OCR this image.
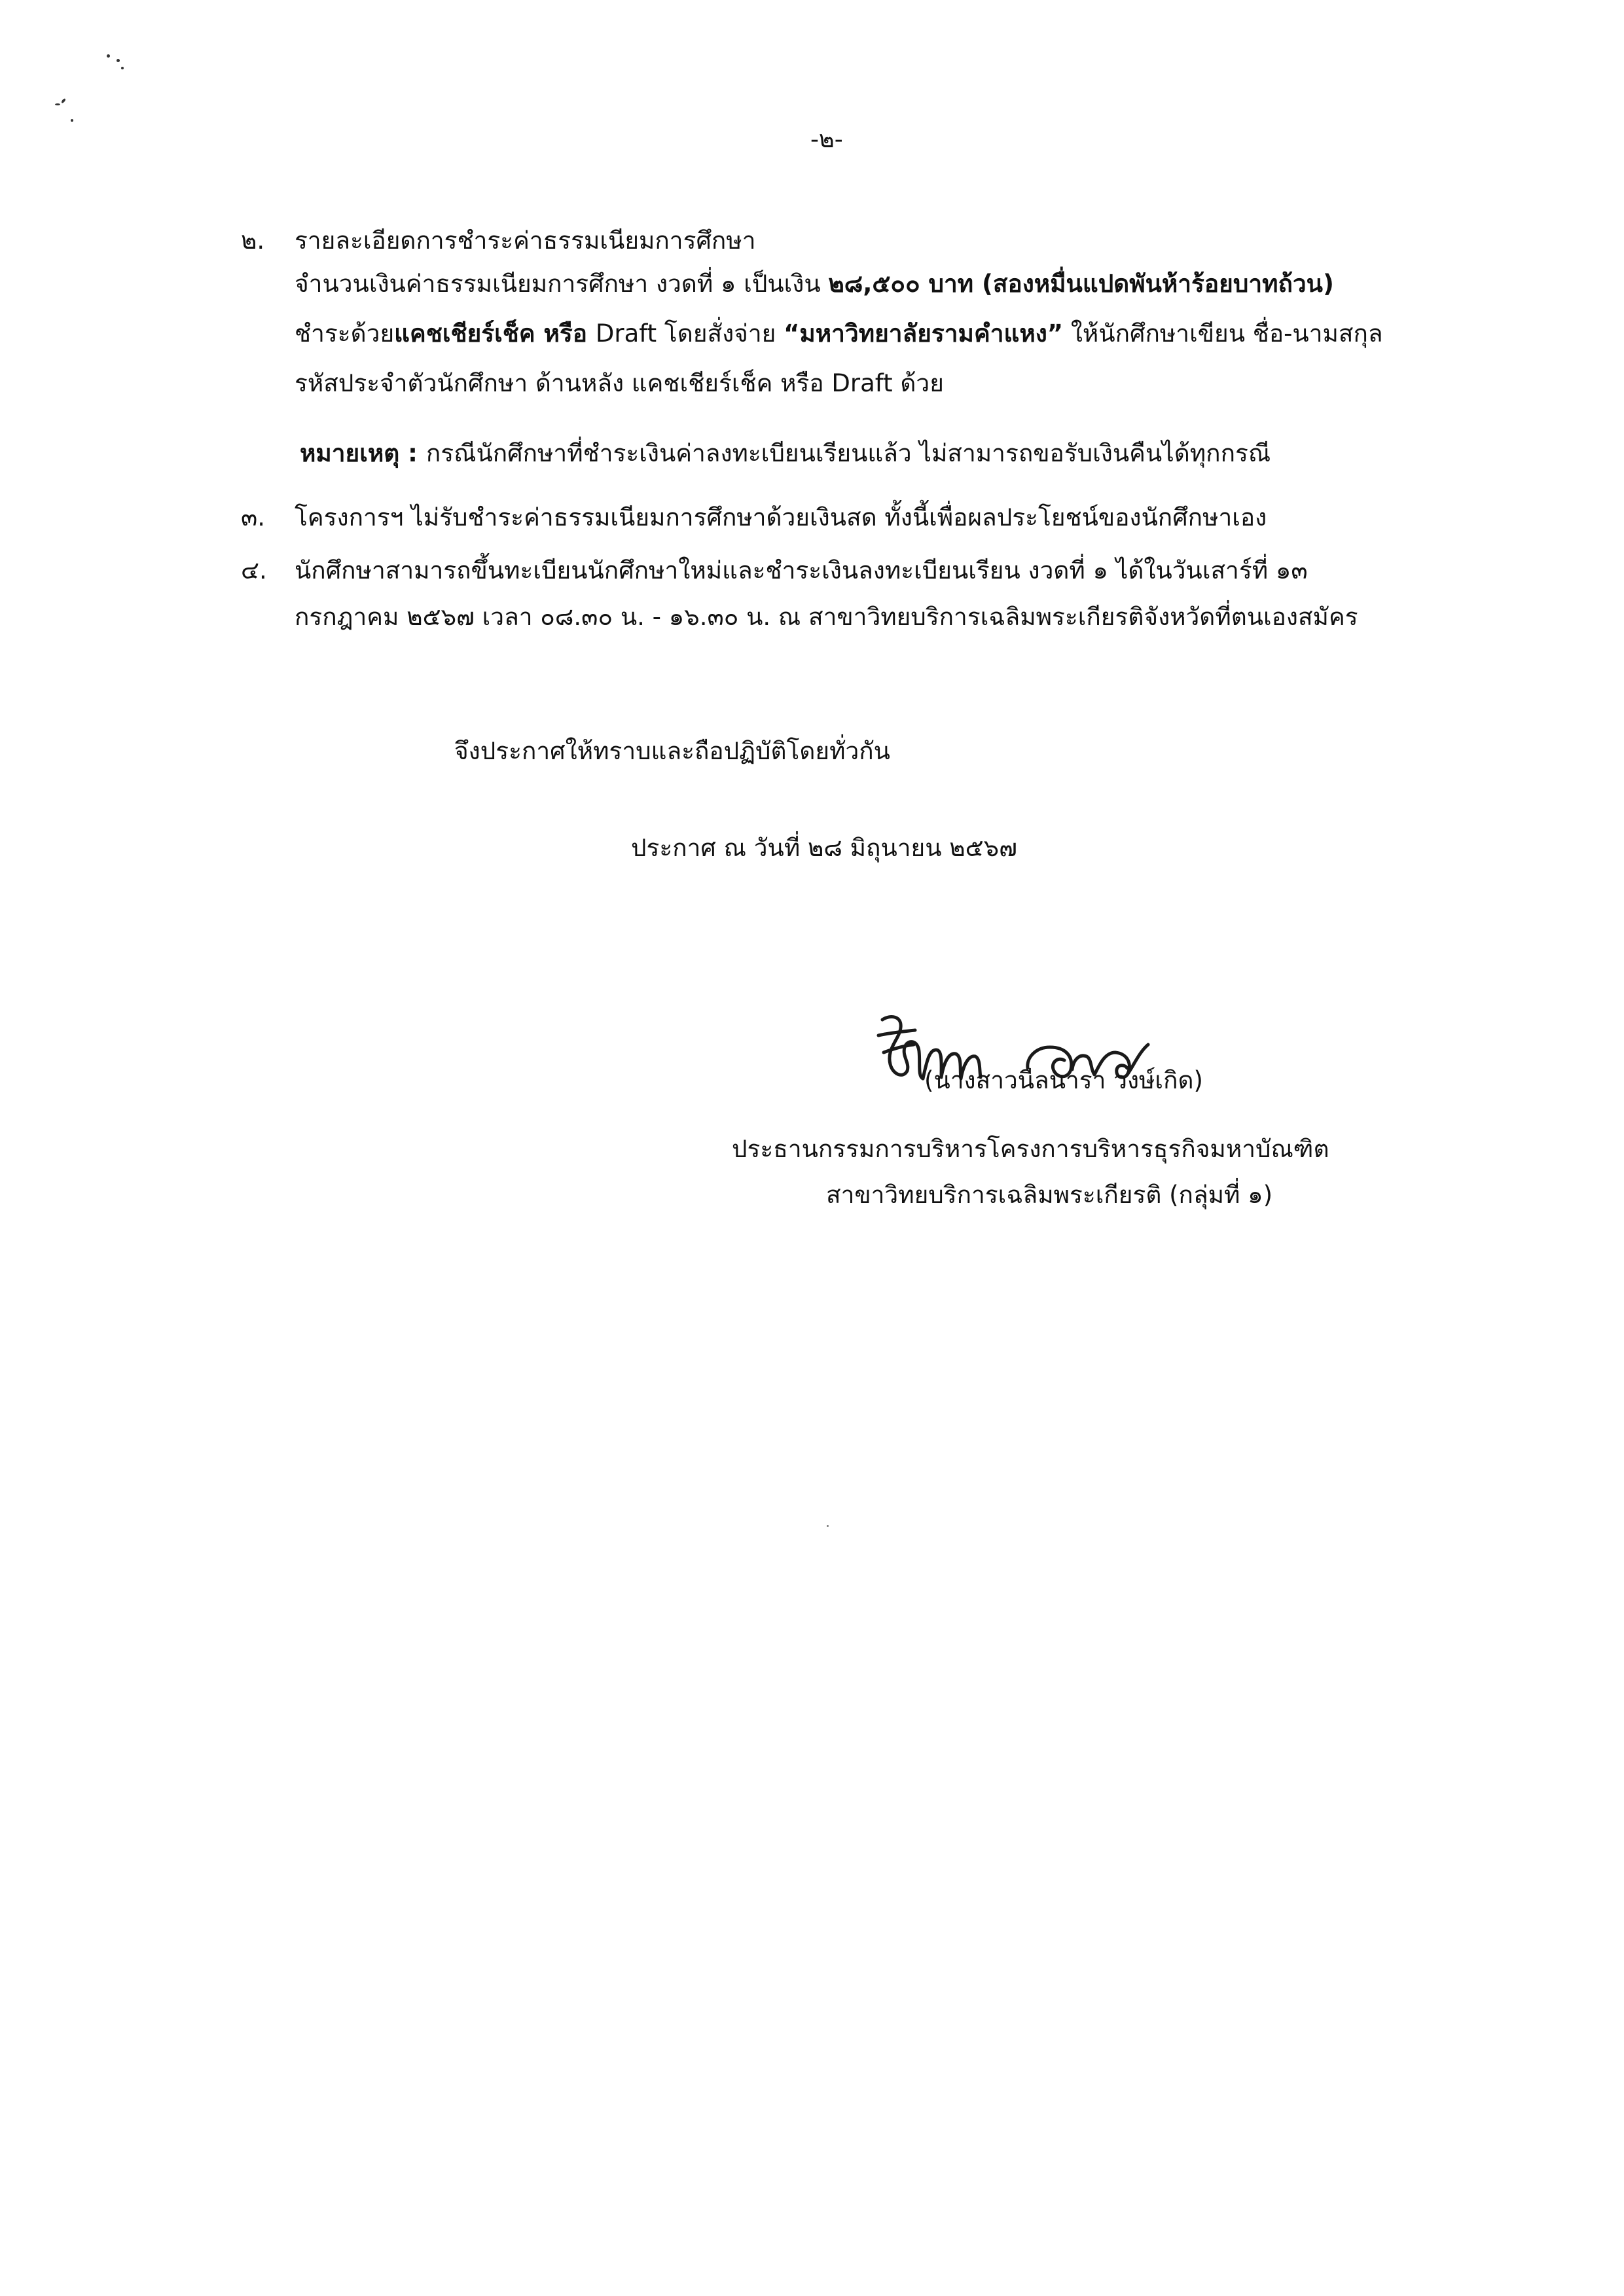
-๒-
๒. รายละเอียดการชำระค่าธรรมเนียมการศึกษา
จำนวนเงินค่าธรรมเนียมการศึกษา งวดที่ ๑ เป็นเงิน ๒๘,๕๐๐ บาท (สองหมื่นแปดพันห้าร้อยบาทถ้วน)
ชำระด้วยแคชเชียร์เช็ค หรือ Draft โดยสั่งจ่าย “มหาวิทยาลัยรามคำแหง” ให้นักศึกษาเขียน ชื่อ-นามสกุล
รหัสประจำตัวนักศึกษา ด้านหลัง แคชเชียร์เช็ค หรือ Draft ด้วย
หมายเหตุ : กรณีนักศึกษาที่ชำระเงินค่าลงทะเบียนเรียนแล้ว ไม่สามารถขอรับเงินคืนได้ทุกกรณี
๓. โครงการฯ ไม่รับชำระค่าธรรมเนียมการศึกษาด้วยเงินสด ทั้งนี้เพื่อผลประโยชน์ของนักศึกษาเอง
๔. นักศึกษาสามารถขึ้นทะเบียนนักศึกษาใหม่และชำระเงินลงทะเบียนเรียน งวดที่ ๑ ได้ในวันเสาร์ที่ ๑๓
กรกฎาคม ๒๕๖๗ เวลา ๐๘.๓๐ น. - ๑๖.๓๐ น. ณ สาขาวิทยบริการเฉลิมพระเกียรติจังหวัดที่ตนเองสมัคร
จึงประกาศให้ทราบและถือปฏิบัติโดยทั่วกัน
ประกาศ ณ วันที่ ๒๘ มิถุนายน ๒๕๖๗
(นางสาวนีลนารา วงษ์เกิด)
ประธานกรรมการบริหารโครงการบริหารธุรกิจมหาบัณฑิต
สาขาวิทยบริการเฉลิมพระเกียรติ (กลุ่มที่ ๑)
